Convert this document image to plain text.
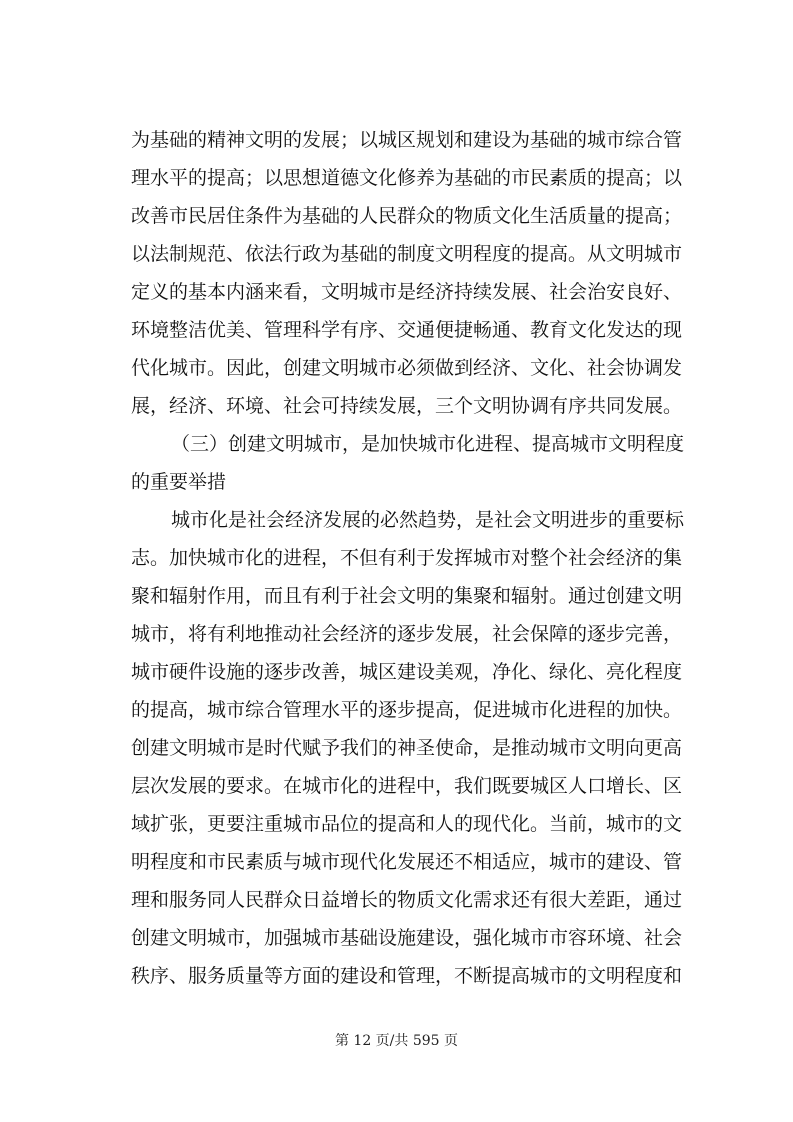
为基础的精神文明的发展；以城区规划和建设为基础的城市综合管
理水平的提高；以思想道德文化修养为基础的市民素质的提高；以
改善市民居住条件为基础的人民群众的物质文化生活质量的提高；
以法制规范、依法行政为基础的制度文明程度的提高。从文明城市
定义的基本内涵来看，文明城市是经济持续发展、社会治安良好、
环境整洁优美、管理科学有序、交通便捷畅通、教育文化发达的现
代化城市。因此，创建文明城市必须做到经济、文化、社会协调发
展，经济、环境、社会可持续发展，三个文明协调有序共同发展。
（三）创建文明城市，是加快城市化进程、提高城市文明程度
的重要举措
城市化是社会经济发展的必然趋势，是社会文明进步的重要标
志。加快城市化的进程，不但有利于发挥城市对整个社会经济的集
聚和辐射作用，而且有利于社会文明的集聚和辐射。通过创建文明
城市，将有利地推动社会经济的逐步发展，社会保障的逐步完善，
城市硬件设施的逐步改善，城区建设美观，净化、绿化、亮化程度
的提高，城市综合管理水平的逐步提高，促进城市化进程的加快。
创建文明城市是时代赋予我们的神圣使命，是推动城市文明向更高
层次发展的要求。在城市化的进程中，我们既要城区人口增长、区
域扩张，更要注重城市品位的提高和人的现代化。当前，城市的文
明程度和市民素质与城市现代化发展还不相适应，城市的建设、管
理和服务同人民群众日益增长的物质文化需求还有很大差距，通过
创建文明城市，加强城市基础设施建设，强化城市市容环境、社会
秩序、服务质量等方面的建设和管理，不断提高城市的文明程度和
第 12 页/共 595 页
